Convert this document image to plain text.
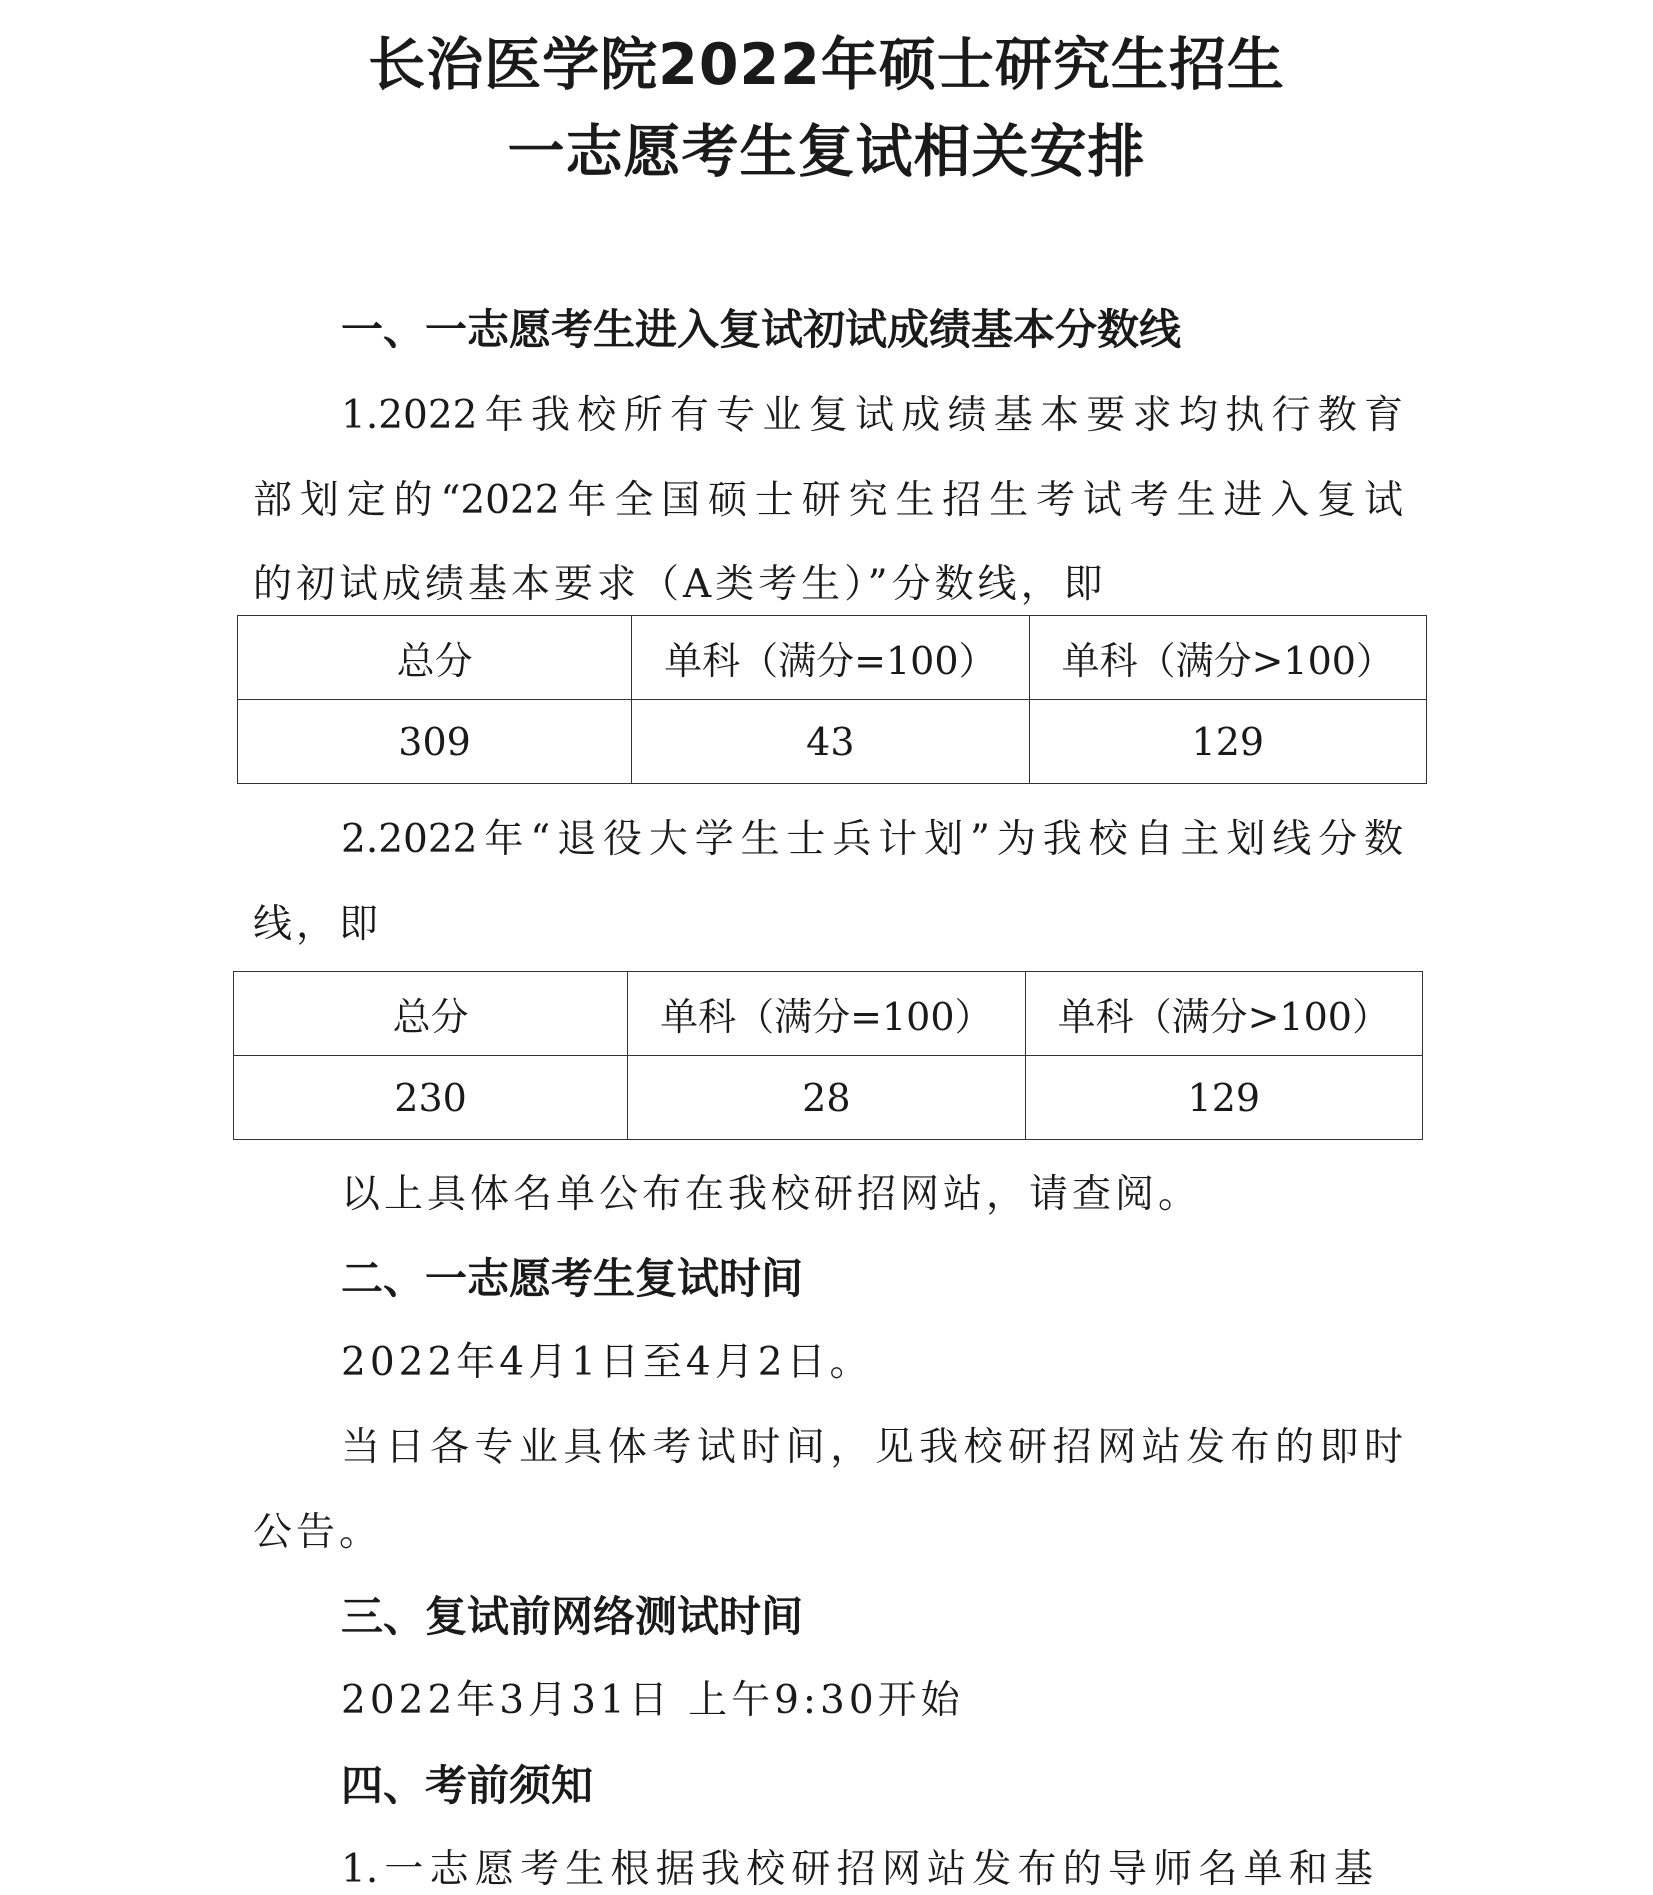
长治医学院2022年硕士研究生招生
一志愿考生复试相关安排
一、一志愿考生进入复试初试成绩基本分数线
1.2022年我校所有专业复试成绩基本要求均执行教育
部划定的“2022年全国硕士研究生招生考试考生进入复试
的初试成绩基本要求（A类考生）”分数线，即
总分	单科（满分=100）	单科（满分>100）
309	43	129
2.2022年“退役大学生士兵计划”为我校自主划线分数
线，即
总分	单科（满分=100）	单科（满分>100）
230	28	129
以上具体名单公布在我校研招网站，请查阅。
二、一志愿考生复试时间
2022年4月1日至4月2日。
当日各专业具体考试时间，见我校研招网站发布的即时
公告。
三、复试前网络测试时间
2022年3月31日 上午9:30开始
四、考前须知
1.一志愿考生根据我校研招网站发布的导师名单和基
